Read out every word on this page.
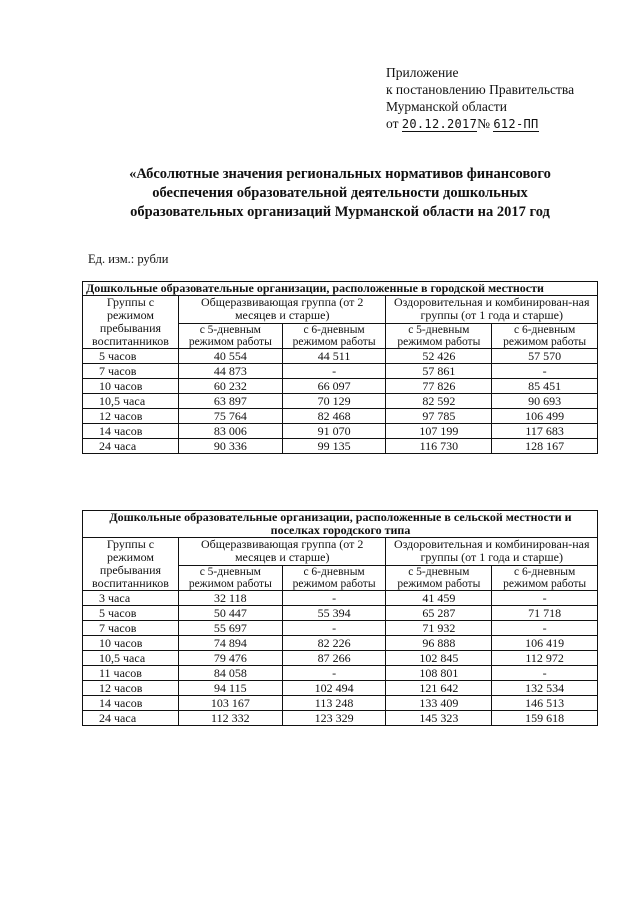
Приложение
к постановлению Правительства
Мурманской области
от 20.12.2017№ 612-ПП
«Абсолютные значения региональных нормативов финансового
обеспечения образовательной деятельности дошкольных
образовательных организаций Мурманской области на 2017 год
Ед. изм.: рубли
Дошкольные образовательные организации, расположенные в городской местности				
Группы с режимом пребывания воспитанников	Общеразвивающая группа (от 2 месяцев и старше)		Оздоровительная и комбинирован-ная группы (от 1 года и старше)	
	с 5-дневным режимом работы	с 6-дневным режимом работы	с 5-дневным режимом работы	с 6-дневным режимом работы
5 часов	40 554	44 511	52 426	57 570
7 часов	44 873	-	57 861	-
10 часов	60 232	66 097	77 826	85 451
10,5 часа	63 897	70 129	82 592	90 693
12 часов	75 764	82 468	97 785	106 499
14 часов	83 006	91 070	107 199	117 683
24 часа	90 336	99 135	116 730	128 167
Дошкольные образовательные организации, расположенные в сельской местности и поселках городского типа				
Группы с режимом пребывания воспитанников	Общеразвивающая группа (от 2 месяцев и старше)		Оздоровительная и комбинирован-ная группы (от 1 года и старше)	
	с 5-дневным режимом работы	с 6-дневным режимом работы	с 5-дневным режимом работы	с 6-дневным режимом работы
3 часа	32 118	-	41 459	-
5 часов	50 447	55 394	65 287	71 718
7 часов	55 697	-	71 932	-
10 часов	74 894	82 226	96 888	106 419
10,5 часа	79 476	87 266	102 845	112 972
11 часов	84 058	-	108 801	-
12 часов	94 115	102 494	121 642	132 534
14 часов	103 167	113 248	133 409	146 513
24 часа	112 332	123 329	145 323	159 618
